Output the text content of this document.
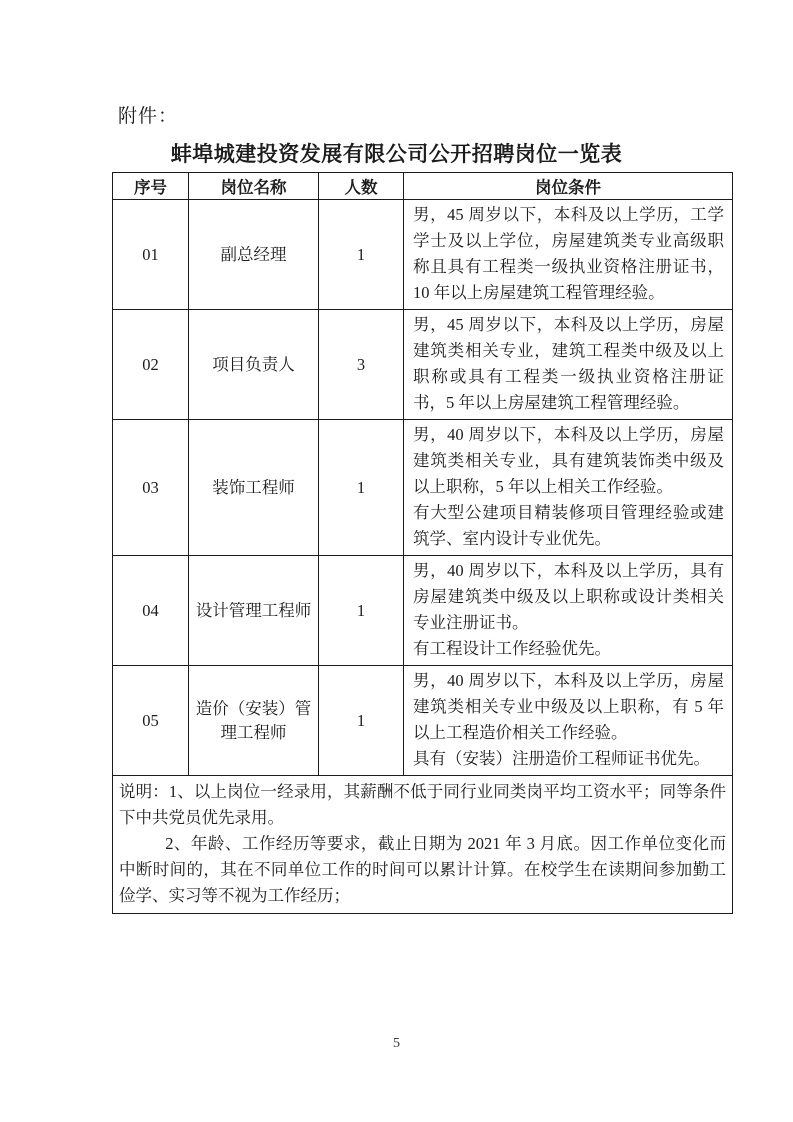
附件：
蚌埠城建投资发展有限公司公开招聘岗位一览表
序号	岗位名称	人数	岗位条件
01	副总经理	1	男，45 周岁以下，本科及以上学历，工学学士及以上学位，房屋建筑类专业高级职称且具有工程类一级执业资格注册证书，10 年以上房屋建筑工程管理经验。

02	项目负责人	3	男，45 周岁以下，本科及以上学历，房屋建筑类相关专业，建筑工程类中级及以上职称或具有工程类一级执业资格注册证书，5 年以上房屋建筑工程管理经验。

03	装饰工程师	1	男，40 周岁以下，本科及以上学历，房屋建筑类相关专业，具有建筑装饰类中级及以上职称，5 年以上相关工作经验。

有大型公建项目精装修项目管理经验或建筑学、室内设计专业优先。

04	设计管理工程师	1	男，40 周岁以下，本科及以上学历，具有房屋建筑类中级及以上职称或设计类相关专业注册证书。

有工程设计工作经验优先。

05	造价（安装）管理工程师	1	男，40 周岁以下，本科及以上学历，房屋建筑类相关专业中级及以上职称，有 5 年以上工程造价相关工作经验。

具有（安装）注册造价工程师证书优先。

说明：1、以上岗位一经录用，其薪酬不低于同行业同类岗平均工资水平；同等条件下中共党员优先录用。

2、年龄、工作经历等要求，截止日期为 2021 年 3 月底。因工作单位变化而中断时间的，其在不同单位工作的时间可以累计计算。在校学生在读期间参加勤工俭学、实习等不视为工作经历；			

5
